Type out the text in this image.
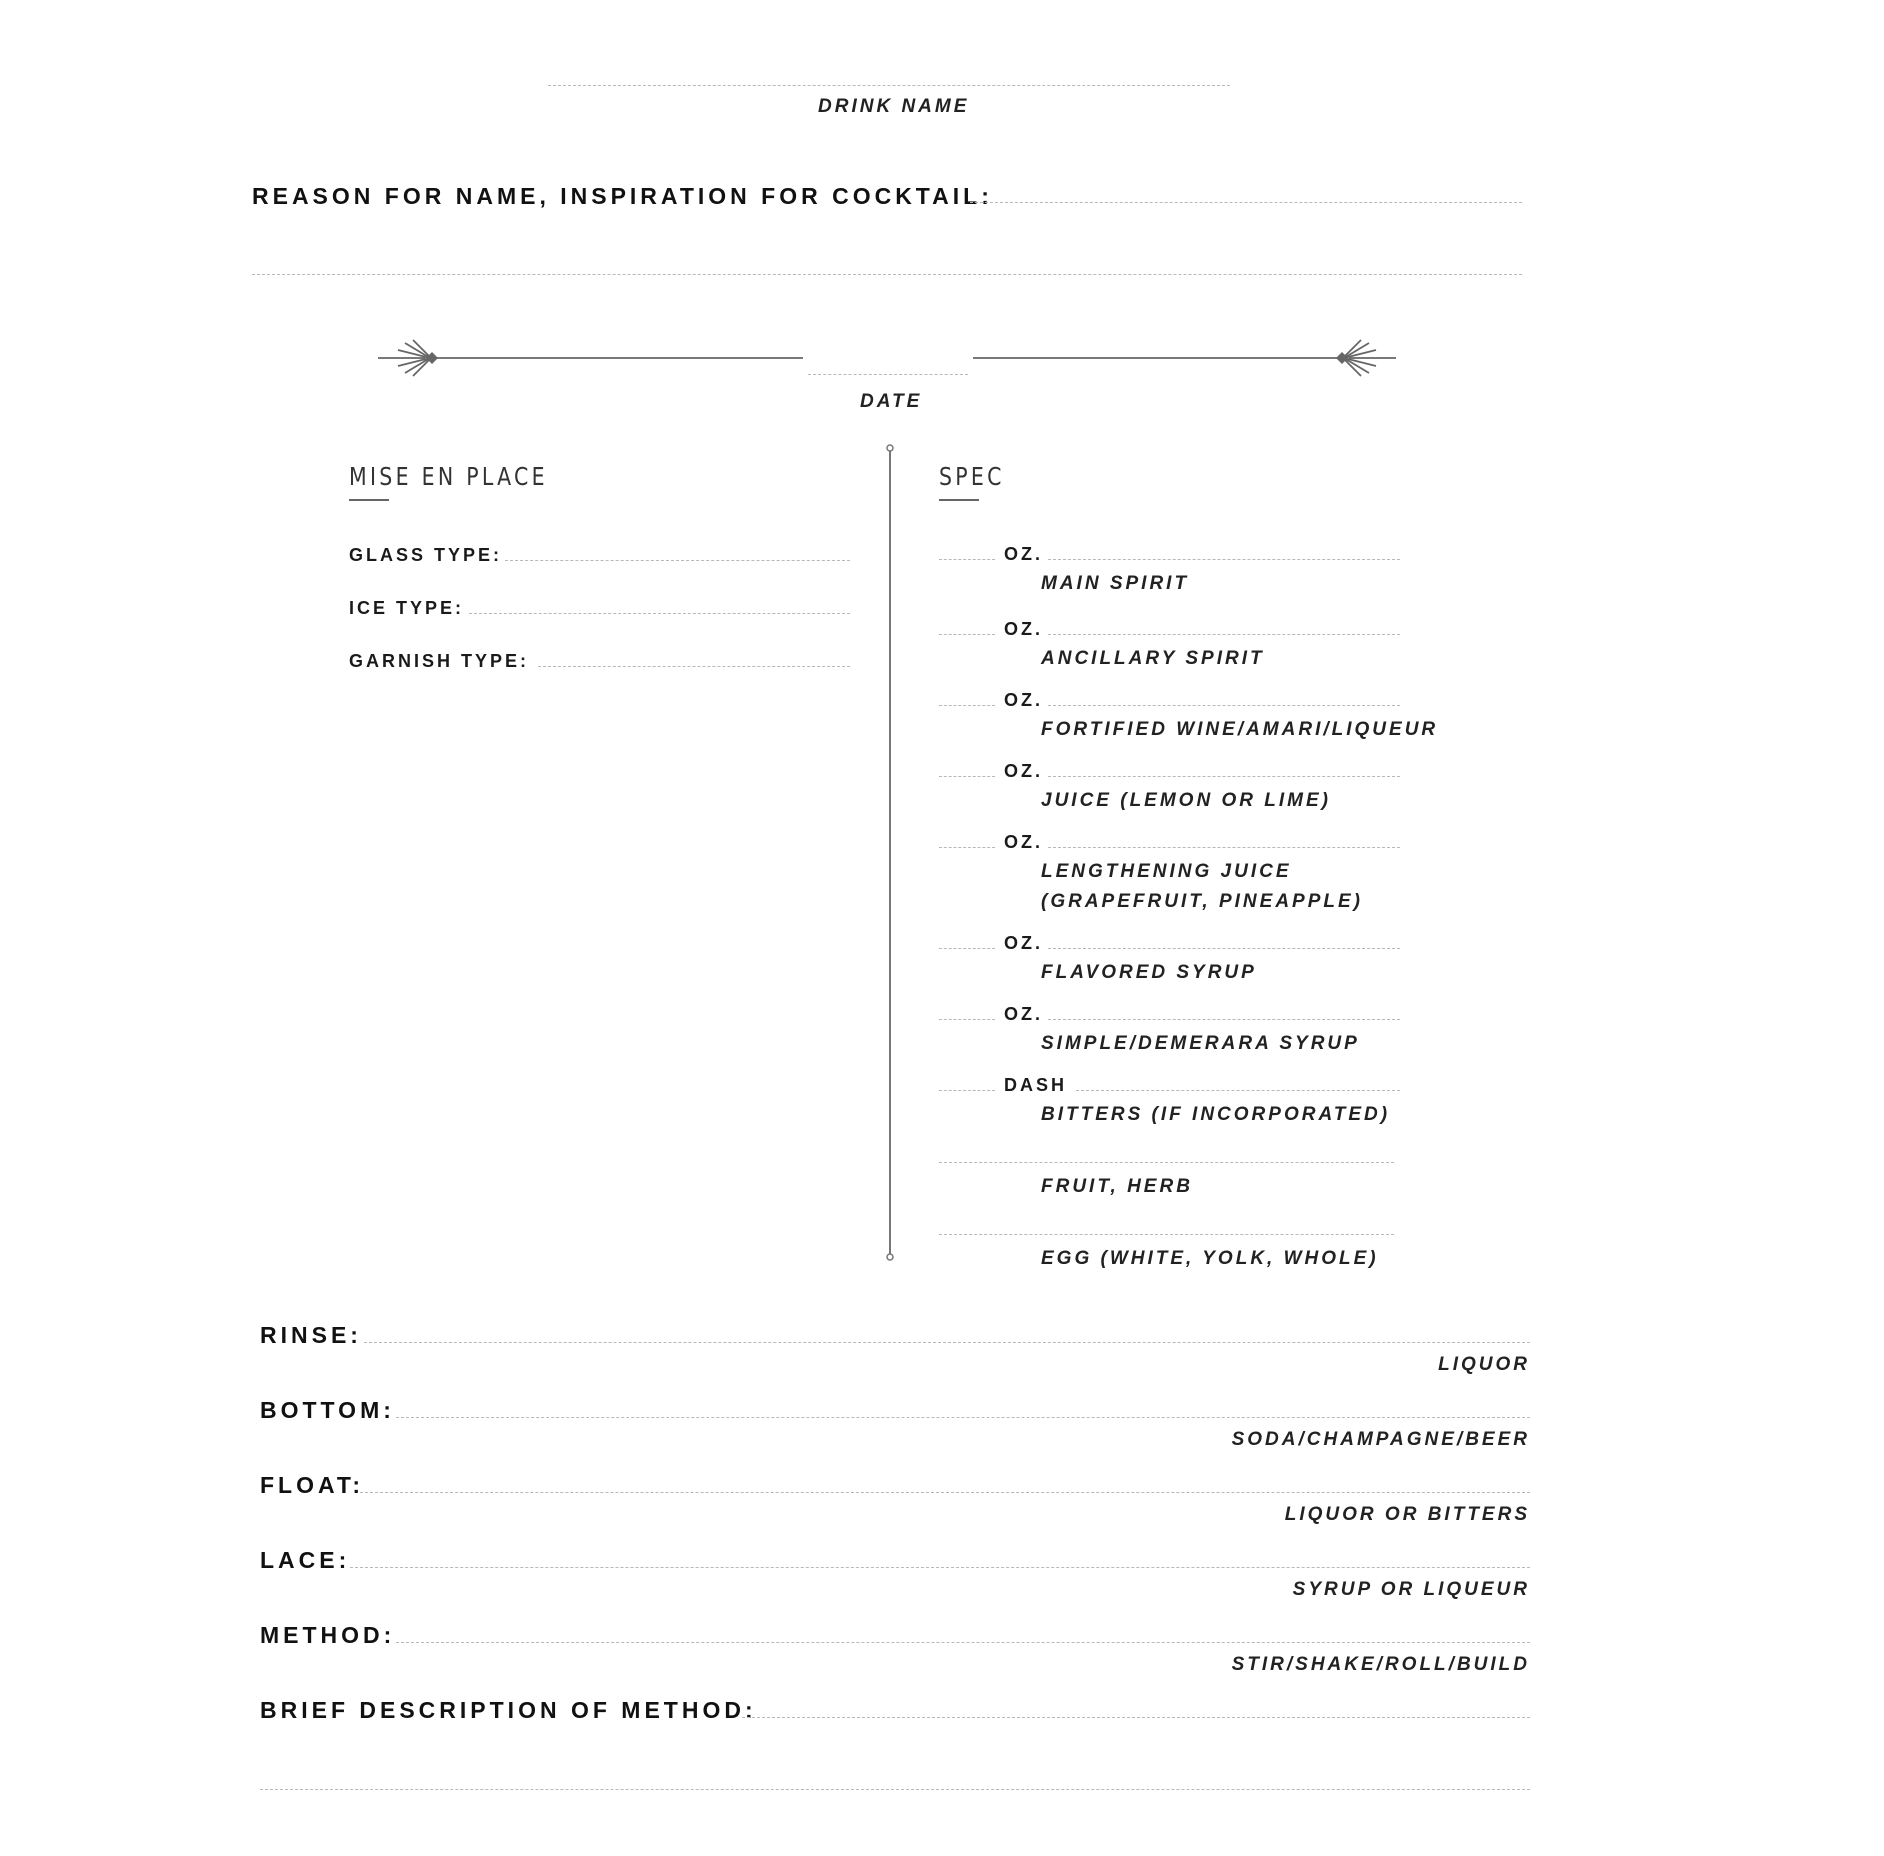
DRINK NAME
REASON FOR NAME, INSPIRATION FOR COCKTAIL:
DATE
MISE EN PLACE
GLASS TYPE:
ICE TYPE:
GARNISH TYPE:
SPEC
OZ.
MAIN SPIRIT
OZ.
ANCILLARY SPIRIT
OZ.
FORTIFIED WINE/AMARI/LIQUEUR
OZ.
JUICE (LEMON OR LIME)
OZ.
LENGTHENING JUICE
(GRAPEFRUIT, PINEAPPLE)
OZ.
FLAVORED SYRUP
OZ.
SIMPLE/DEMERARA SYRUP
DASH
BITTERS (IF INCORPORATED)
FRUIT, HERB
EGG (WHITE, YOLK, WHOLE)
RINSE:
LIQUOR
BOTTOM:
SODA/CHAMPAGNE/BEER
FLOAT:
LIQUOR OR BITTERS
LACE:
SYRUP OR LIQUEUR
METHOD:
STIR/SHAKE/ROLL/BUILD
BRIEF DESCRIPTION OF METHOD:
